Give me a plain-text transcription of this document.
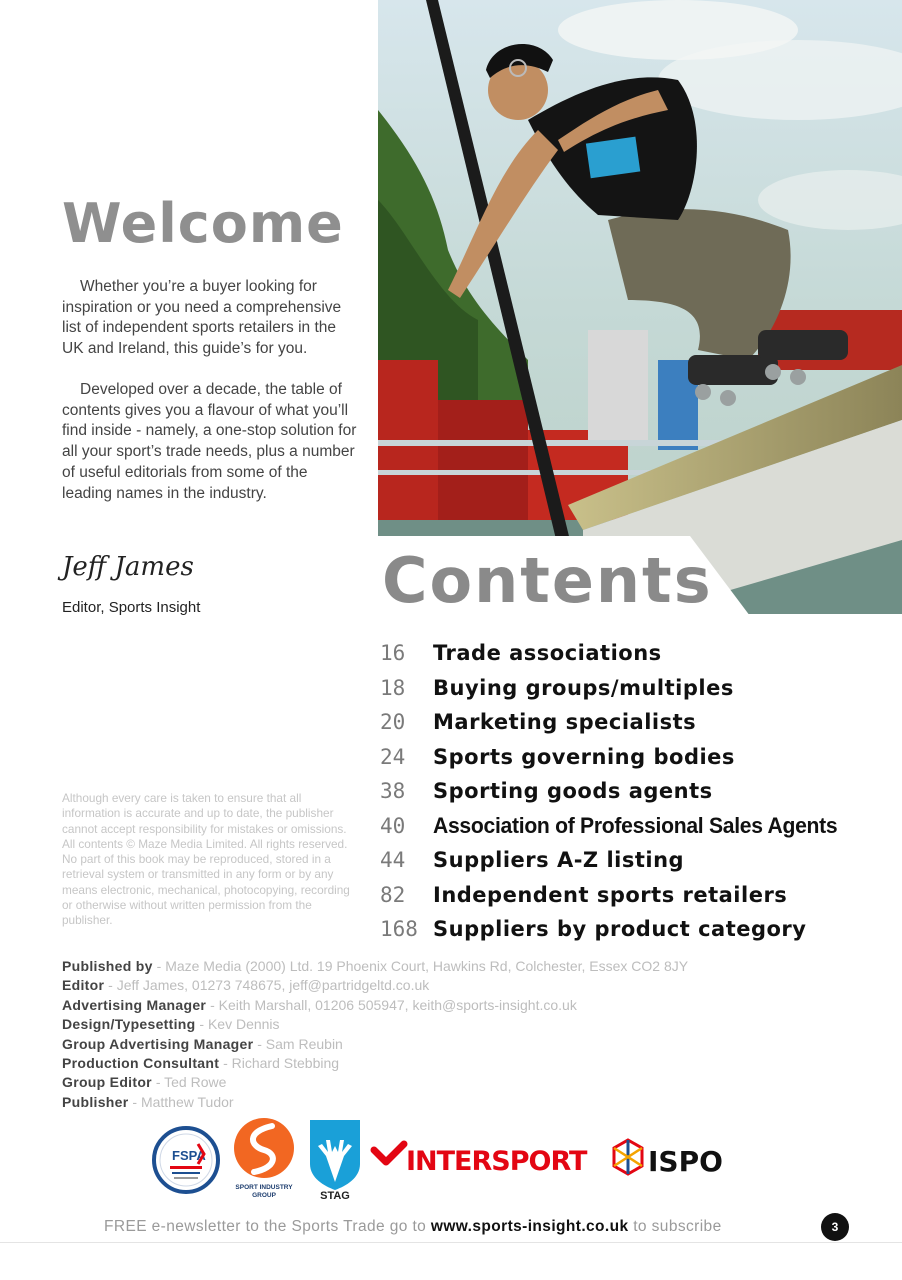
Welcome

Whether you’re a buyer looking for inspiration or you need a comprehensive list of independent sports retailers in the UK and Ireland, this guide’s for you.

Developed over a decade, the table of contents gives you a flavour of what you’ll find inside - namely, a one-stop solution for all your sport’s trade needs, plus a number of useful editorials from some of the leading names in the industry.

Jeff James
Editor, Sports Insight	Contents
16	Trade associations
18	Buying groups/multiples
20	Marketing specialists
24	Sports governing bodies
38	Sporting goods agents
40	Association of Professional Sales Agents
44	Suppliers A-Z listing
82	Independent sports retailers
168 Suppliers by product category

Although every care is taken to ensure that all information is accurate and up to date, the publisher cannot accept responsibility for mistakes or omissions. All contents © Maze Media Limited. All rights reserved. No part of this book may be reproduced, stored in a retrieval system or transmitted in any form or by any means electronic, mechanical, photocopying, recording or otherwise without written permission from the publisher.

Published by - Maze Media (2000) Ltd. 19 Phoenix Court, Hawkins Rd, Colchester, Essex CO2 8JY
Editor - Jeff James, 01273 748675, jeff@partridgeltd.co.uk
Advertising Manager - Keith Marshall, 01206 505947, keith@sports-insight.co.uk
Design/Typesetting - Kev Dennis
Group Advertising Manager - Sam Reubin
Production Consultant - Richard Stebbing
Group Editor - Ted Rowe
Publisher - Matthew Tudor
FSPA
SPORT INDUSTRY
GROUP	STAG
INTERSPORT ISPO
FREE e-newsletter to the Sports Trade go to www.sports-insight.co.uk to subscribe	3
